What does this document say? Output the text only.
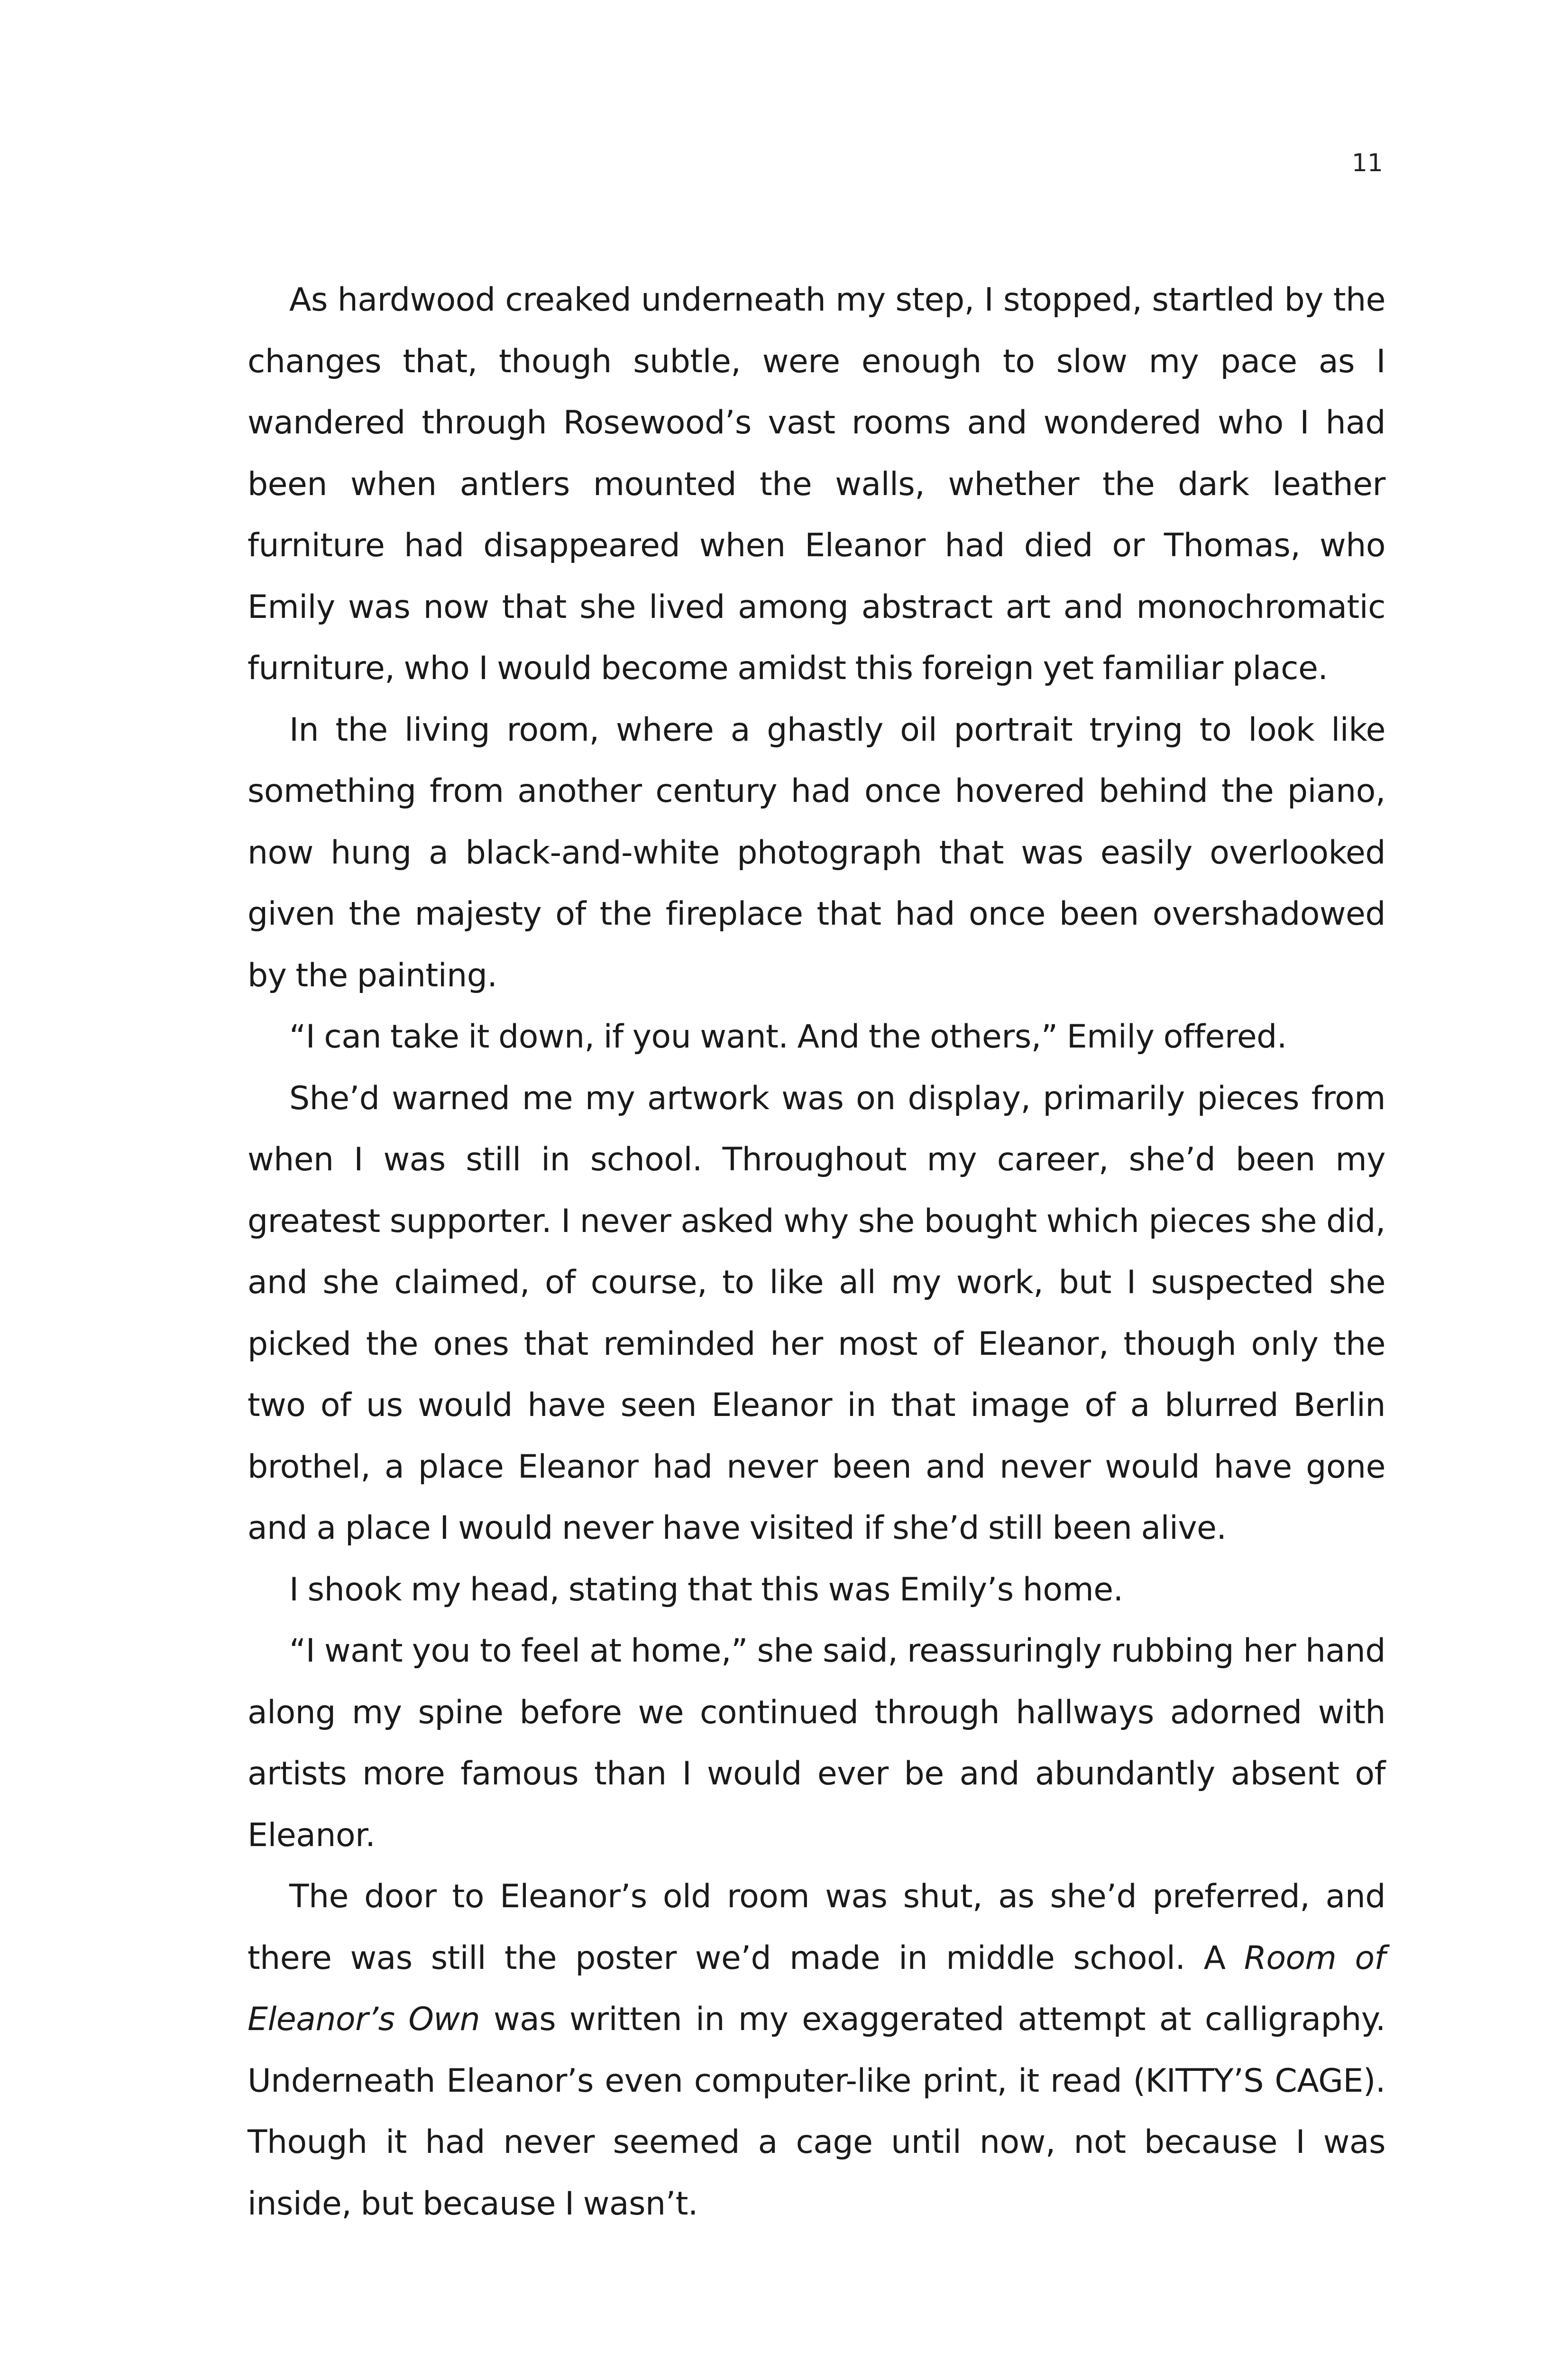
11

As hardwood creaked underneath my step, I stopped, startled by the changes that, though subtle, were enough to slow my pace as I wandered through Rosewood’s vast rooms and wondered who I had been when antlers mounted the walls, whether the dark leather furniture had disappeared when Eleanor had died or Thomas, who Emily was now that she lived among abstract art and monochromatic furniture, who I would become amidst this foreign yet familiar place.

In the living room, where a ghastly oil portrait trying to look like something from another century had once hovered behind the piano, now hung a black-and-white photograph that was easily overlooked given the majesty of the fireplace that had once been overshadowed by the painting.

“I can take it down, if you want. And the others,” Emily offered.

She’d warned me my artwork was on display, primarily pieces from when I was still in school. Throughout my career, she’d been my greatest supporter. I never asked why she bought which pieces she did, and she claimed, of course, to like all my work, but I suspected she picked the ones that reminded her most of Eleanor, though only the two of us would have seen Eleanor in that image of a blurred Berlin brothel, a place Eleanor had never been and never would have gone and a place I would never have visited if she’d still been alive.

I shook my head, stating that this was Emily’s home.

“I want you to feel at home,” she said, reassuringly rubbing her hand along my spine before we continued through hallways adorned with artists more famous than I would ever be and abundantly absent of Eleanor.

The door to Eleanor’s old room was shut, as she’d preferred, and there was still the poster we’d made in middle school. A Room of Eleanor’s Own was written in my exaggerated attempt at calligraphy. Underneath Eleanor’s even computer-like print, it read (KITTY’S CAGE). Though it had never seemed a cage until now, not because I was inside, but because I wasn’t.
